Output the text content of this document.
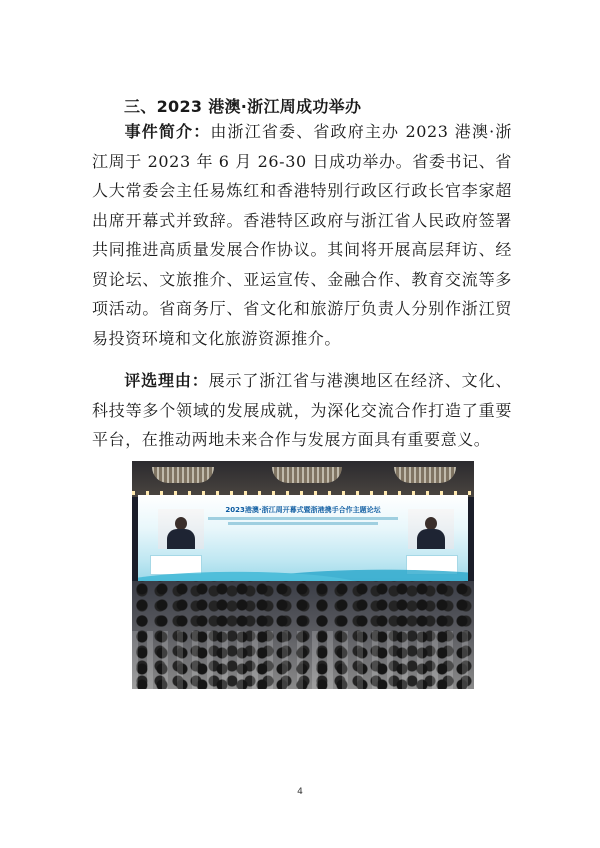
三、2023 港澳·浙江周成功举办

事件简介：由浙江省委、省政府主办 2023 港澳·浙江周于 2023 年 6 月 26-30 日成功举办。省委书记、省人大常委会主任易炼红和香港特别行政区行政长官李家超出席开幕式并致辞。香港特区政府与浙江省人民政府签署共同推进高质量发展合作协议。其间将开展高层拜访、经贸论坛、文旅推介、亚运宣传、金融合作、教育交流等多项活动。省商务厅、省文化和旅游厅负责人分别作浙江贸易投资环境和文化旅游资源推介。

评选理由：展示了浙江省与港澳地区在经济、文化、科技等多个领域的发展成就，为深化交流合作打造了重要平台，在推动两地未来合作与发展方面具有重要意义。

2023港澳·浙江周开幕式暨浙港携手合作主题论坛
4
